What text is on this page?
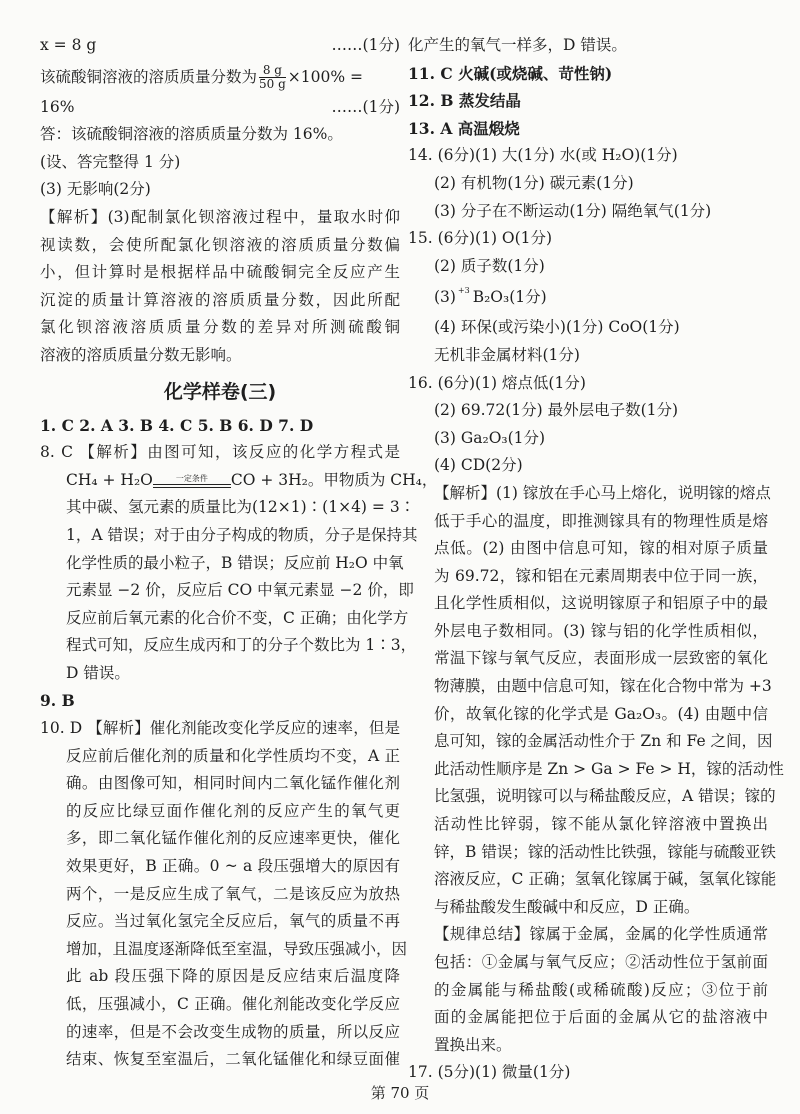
x = 8 g	……(1分)
该硫酸铜溶液的溶质质量分数为 $\frac{8 g}{50 g} \times 100\%$ =
16%	……(1分)
答：该硫酸铜溶液的溶质质量分数为 16%。
(设、答完整得 1 分)
(3) 无影响(2分)
【解析】(3)配制氯化钡溶液过程中，量取水时仰
视读数，会使所配氯化钡溶液的溶质质量分数偏
小，但计算时是根据样品中硫酸铜完全反应产生
沉淀的质量计算溶液的溶质质量分数，因此所配
氯化钡溶液溶质质量分数的差异对所测硫酸铜
溶液的溶质质量分数无影响。
化学样卷(三)
1. C 2. A 3. B 4. C 5. B 6. D 7. D
8. C 【解析】由图可知，该反应的化学方程式是
CH₄ + H₂O	一定条件	CO + 3H₂。甲物质为 CH₄，
其中碳、氢元素的质量比为(12×1)∶(1×4) = 3∶
1，A 错误；对于由分子构成的物质，分子是保持其
化学性质的最小粒子，B 错误；反应前 H₂O 中氧
元素显 −2 价，反应后 CO 中氧元素显 −2 价，即
反应前后氧元素的化合价不变，C 正确；由化学方
程式可知，反应生成丙和丁的分子个数比为 1∶3，
D 错误。
9. B
10. D 【解析】催化剂能改变化学反应的速率，但是
反应前后催化剂的质量和化学性质均不变，A 正
确。由图像可知，相同时间内二氧化锰作催化剂
的反应比绿豆面作催化剂的反应产生的氧气更
多，即二氧化锰作催化剂的反应速率更快，催化
效果更好，B 正确。0 ~ a 段压强增大的原因有
两个，一是反应生成了氧气，二是该反应为放热
反应。当过氧化氢完全反应后，氧气的质量不再
增加，且温度逐渐降低至室温，导致压强减小，因
此 ab 段压强下降的原因是反应结束后温度降
低，压强减小，C 正确。催化剂能改变化学反应
的速率，但是不会改变生成物的质量，所以反应
结束、恢复至室温后，二氧化锰催化和绿豆面催
化产生的氧气一样多，D 错误。
11. C 火碱(或烧碱、苛性钠)
12. B 蒸发结晶
13. A 高温煅烧
14. (6分)(1) 大(1分) 水(或 H₂O)(1分)
(2) 有机物(1分) 碳元素(1分)
(3) 分子在不断运动(1分) 隔绝氧气(1分)
15. (6分)(1) O(1分)
(2) 质子数(1分)
(3) $^{+3}$ B₂O₃(1分)
(4) 环保(或污染小)(1分) CoO(1分)
无机非金属材料(1分)
16. (6分)(1) 熔点低(1分)
(2) 69.72(1分) 最外层电子数(1分)
(3) Ga₂O₃(1分)
(4) CD(2分)
【解析】(1) 镓放在手心马上熔化，说明镓的熔点
低于手心的温度，即推测镓具有的物理性质是熔
点低。(2) 由图中信息可知，镓的相对原子质量
为 69.72，镓和铝在元素周期表中位于同一族，
且化学性质相似，这说明镓原子和铝原子中的最
外层电子数相同。(3) 镓与铝的化学性质相似，
常温下镓与氧气反应，表面形成一层致密的氧化
物薄膜，由题中信息可知，镓在化合物中常为 +3
价，故氧化镓的化学式是 Ga₂O₃。(4) 由题中信
息可知，镓的金属活动性介于 Zn 和 Fe 之间，因
此活动性顺序是 Zn > Ga > Fe > H，镓的活动性
比氢强，说明镓可以与稀盐酸反应，A 错误；镓的
活动性比锌弱，镓不能从氯化锌溶液中置换出
锌，B 错误；镓的活动性比铁强，镓能与硫酸亚铁
溶液反应，C 正确；氢氧化镓属于碱，氢氧化镓能
与稀盐酸发生酸碱中和反应，D 正确。
【规律总结】镓属于金属，金属的化学性质通常
包括：①金属与氧气反应；②活动性位于氢前面
的金属能与稀盐酸(或稀硫酸)反应；③位于前
面的金属能把位于后面的金属从它的盐溶液中
置换出来。
17. (5分)(1) 微量(1分)
第 70 页
